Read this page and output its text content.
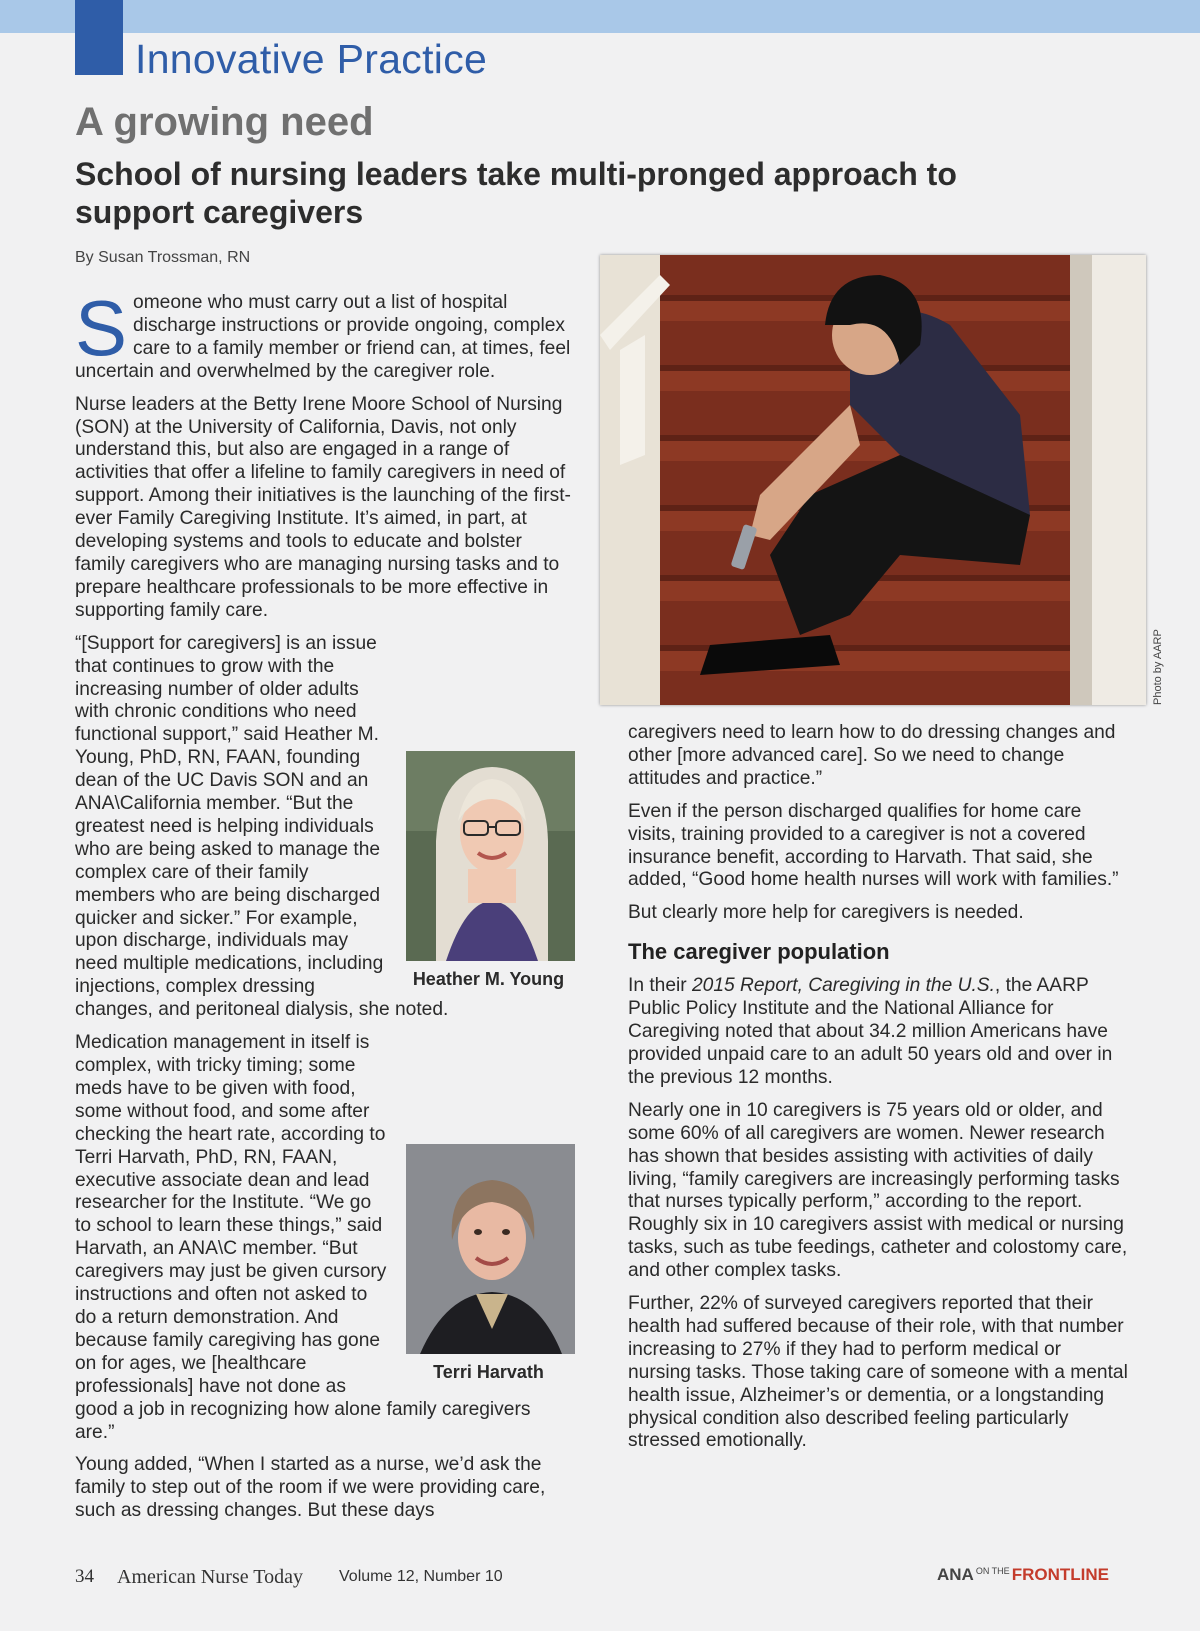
Innovative Practice
A growing need
School of nursing leaders take multi-pronged approach to support caregivers
By Susan Trossman, RN

Someone who must carry out a list of hospital discharge instructions or provide ongoing, complex care to a family member or friend can, at times, feel uncertain and overwhelmed by the caregiver role.

Nurse leaders at the Betty Irene Moore School of Nursing (SON) at the University of California, Davis, not only understand this, but also are engaged in a range of activities that offer a lifeline to family caregivers in need of support. Among their initiatives is the launching of the first-ever Family Caregiving Institute. It’s aimed, in part, at developing systems and tools to educate and bolster family caregivers who are managing nursing tasks and to prepare healthcare professionals to be more effective in supporting family care.

Heather M. Young
“[Support for caregivers] is an issue that continues to grow with the increasing number of older adults with chronic conditions who need functional support,” said Heather M. Young, PhD, RN, FAAN, founding dean of the UC Davis SON and an ANA\California member. “But the greatest need is helping individuals who are being asked to manage the complex care of their family members who are being discharged quicker and sicker.” For example, upon discharge, individuals may need multiple medications, including injections, complex dressing changes, and peritoneal dialysis, she noted.

Terri Harvath
Medication management in itself is complex, with tricky timing; some meds have to be given with food, some without food, and some after checking the heart rate, according to Terri Harvath, PhD, RN, FAAN, executive associate dean and lead researcher for the Institute. “We go to school to learn these things,” said Harvath, an ANA\C member. “But caregivers may just be given cursory instructions and often not asked to do a return demonstration. And because family caregiving has gone on for ages, we [healthcare professionals] have not done as good a job in recognizing how alone family caregivers are.”

Young added, “When I started as a nurse, we’d ask the family to step out of the room if we were providing care, such as dressing changes. But these days

Photo by AARP

caregivers need to learn how to do dressing changes and other [more advanced care]. So we need to change attitudes and practice.”

Even if the person discharged qualifies for home care visits, training provided to a caregiver is not a covered insurance benefit, according to Harvath. That said, she added, “Good home health nurses will work with families.”

But clearly more help for caregivers is needed.

The caregiver population

In their 2015 Report, Caregiving in the U.S., the AARP Public Policy Institute and the National Alliance for Caregiving noted that about 34.2 million Americans have provided unpaid care to an adult 50 years old and over in the previous 12 months.

Nearly one in 10 caregivers is 75 years old or older, and some 60% of all caregivers are women. Newer research has shown that besides assisting with activities of daily living, “family caregivers are increasingly performing tasks that nurses typically perform,” according to the report. Roughly six in 10 caregivers assist with medical or nursing tasks, such as tube feedings, catheter and colostomy care, and other complex tasks.

Further, 22% of surveyed caregivers reported that their health had suffered because of their role, with that number increasing to 27% if they had to perform medical or nursing tasks. Those taking care of someone with a mental health issue, Alzheimer’s or dementia, or a longstanding physical condition also described feeling particularly stressed emotionally.

34 American Nurse Today Volume 12, Number 10	ANA $^{ON THE}$ FRONTLINE
